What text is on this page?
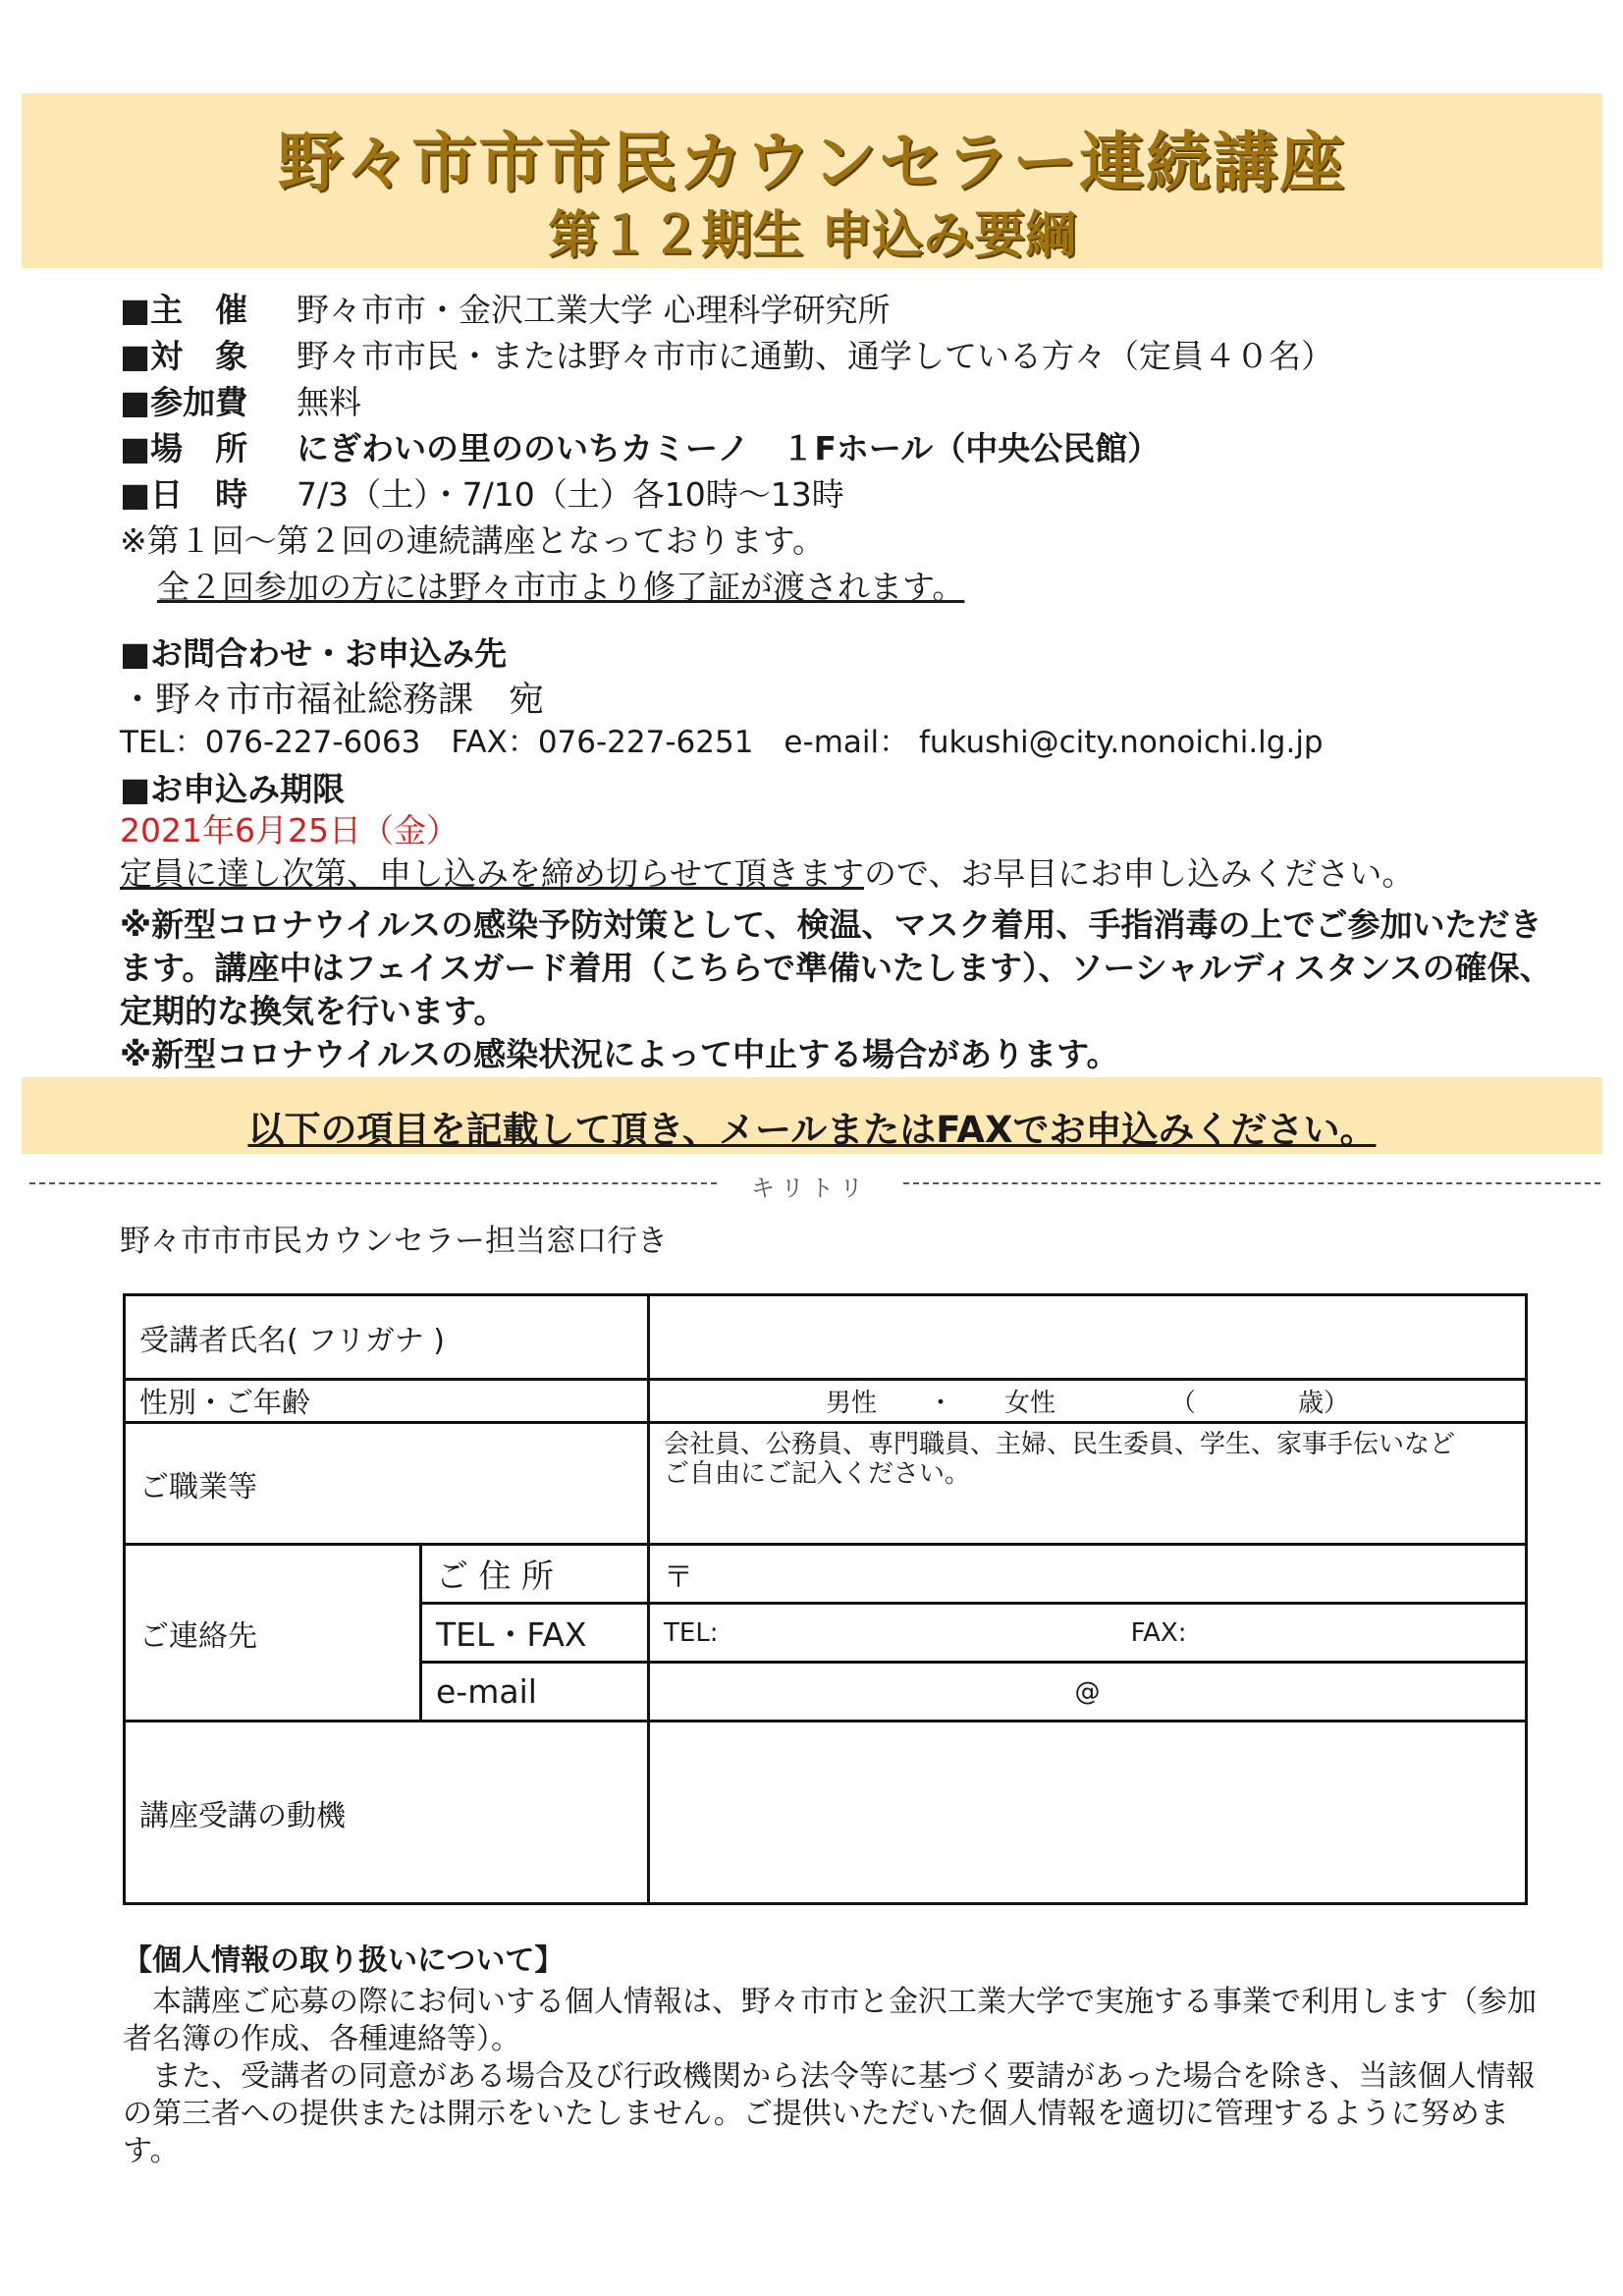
野々市市市民カウンセラー連続講座
第１２期生 申込み要綱
■主　催 野々市市・金沢工業大学 心理科学研究所
■対　象 野々市市民・または野々市市に通勤、通学している方々（定員４０名）
■参加費 無料
■場　所 にぎわいの里ののいちカミーノ　１Fホール（中央公民館）
■日　時 7/3（土）・7/10（土）各10時～13時
※第１回～第２回の連続講座となっております。
全２回参加の方には野々市市より修了証が渡されます。
■お問合わせ・お申込み先
・野々市市福祉総務課　宛
TEL：076-227-6063　FAX：076-227-6251　e-mail： fukushi@city.nonoichi.lg.jp
■お申込み期限
2021年6月25日（金）
定員に達し次第、申し込みを締め切らせて頂きますので、お早目にお申し込みください。
※新型コロナウイルスの感染予防対策として、検温、マスク着用、手指消毒の上でご参加いただきます。講座中はフェイスガード着用（こちらで準備いたします）、ソーシャルディスタンスの確保、定期的な換気を行います。
※新型コロナウイルスの感染状況によって中止する場合があります。
以下の項目を記載して頂き、メールまたはFAXでお申込みください。
キリトリ
野々市市市民カウンセラー担当窓口行き
受講者氏名( フリガナ )		
性別・ご年齢		男性　　・　　女性　　　　　（　　　　歳）
ご職業等		会社員、公務員、専門職員、主婦、民生委員、学生、家事手伝いなど
ご自由にご記入ください。

ご連絡先	ご 住 所	〒
	TEL・FAX	TEL: FAX:
	e-mail	@
講座受講の動機		
【個人情報の取り扱いについて】

本講座ご応募の際にお伺いする個人情報は、野々市市と金沢工業大学で実施する事業で利用します（参加者名簿の作成、各種連絡等）。

また、受講者の同意がある場合及び行政機関から法令等に基づく要請があった場合を除き、当該個人情報の第三者への提供または開示をいたしません。ご提供いただいた個人情報を適切に管理するように努めます。
